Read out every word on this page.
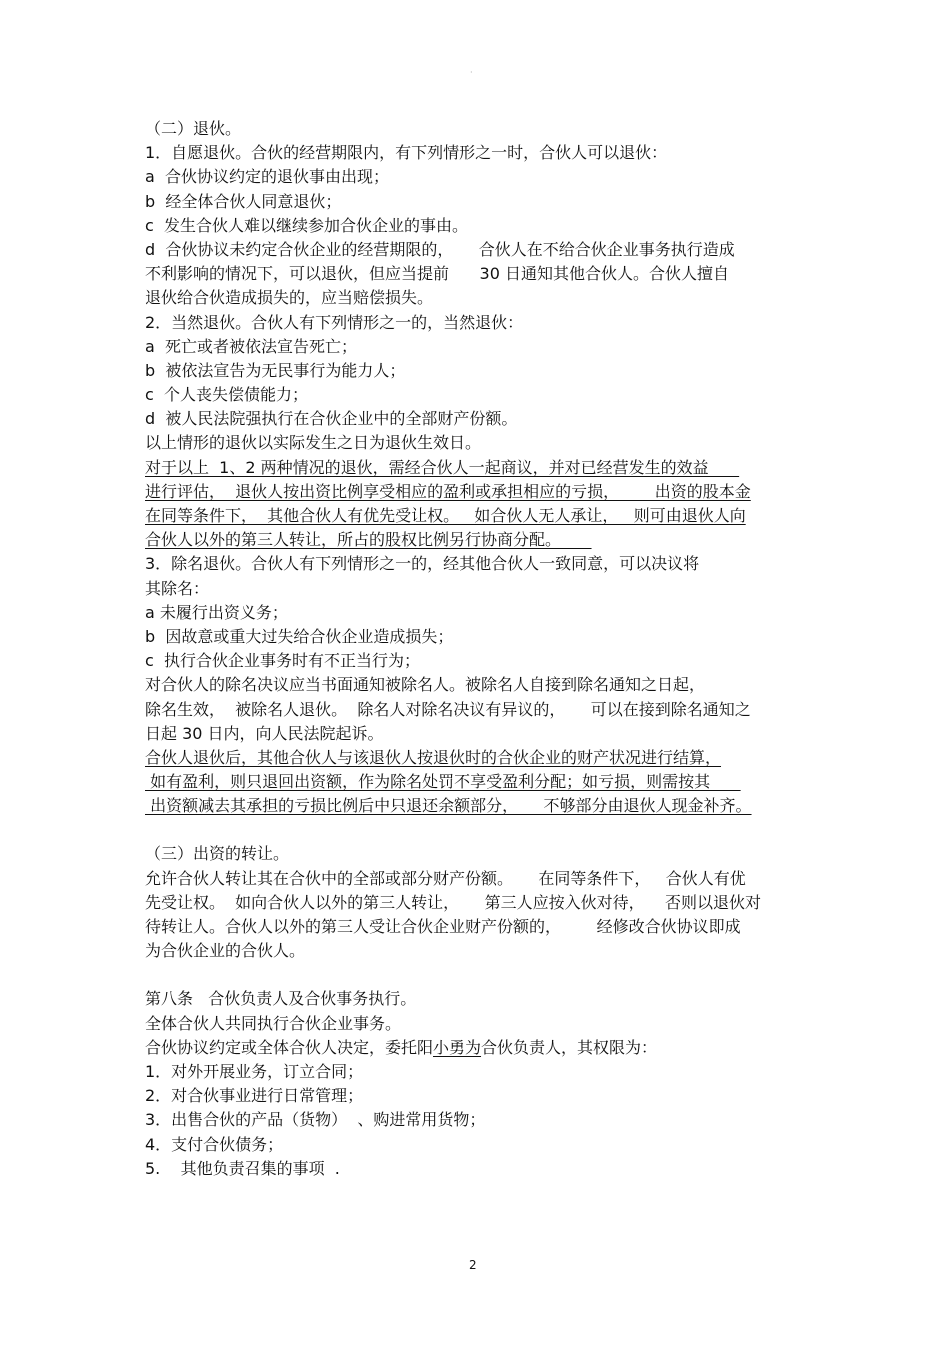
·
（二）退伙。
1．自愿退伙。合伙的经营期限内，有下列情形之一时，合伙人可以退伙：
a  合伙协议约定的退伙事由出现；
b  经全体合伙人同意退伙；
c  发生合伙人难以继续参加合伙企业的事由。
d  合伙协议未约定合伙企业的经营期限的，     合伙人在不给合伙企业事务执行造成
不利影响的情况下，可以退伙，但应当提前      30 日通知其他合伙人。合伙人擅自
退伙给合伙造成损失的，应当赔偿损失。
2．当然退伙。合伙人有下列情形之一的，当然退伙：
a  死亡或者被依法宣告死亡；
b  被依法宣告为无民事行为能力人；
c  个人丧失偿债能力；
d  被人民法院强执行在合伙企业中的全部财产份额。
以上情形的退伙以实际发生之日为退伙生效日。
对于以上  1、2 两种情况的退伙，需经合伙人一起商议，并对已经营发生的效益
进行评估，  退伙人按出资比例享受相应的盈利或承担相应的亏损，       出资的股本金
在同等条件下，  其他合伙人有优先受让权。   如合伙人无人承让，   则可由退伙人向
合伙人以外的第三人转让，所占的股权比例另行协商分配。
3．除名退伙。合伙人有下列情形之一的，经其他合伙人一致同意，可以决议将
其除名：
a 未履行出资义务；
b  因故意或重大过失给合伙企业造成损失；
c  执行合伙企业事务时有不正当行为；
对合伙人的除名决议应当书面通知被除名人。被除名人自接到除名通知之日起，
除名生效，  被除名人退伙。  除名人对除名决议有异议的，     可以在接到除名通知之
日起 30 日内，向人民法院起诉。
合伙人退伙后，其他合伙人与该退伙人按退伙时的合伙企业的财产状况进行结算，
如有盈利，则只退回出资额，作为除名处罚不享受盈利分配；如亏损，则需按其
出资额减去其承担的亏损比例后中只退还余额部分，     不够部分由退伙人现金补齐。
（三）出资的转让。
允许合伙人转让其在合伙中的全部或部分财产份额。     在同等条件下，   合伙人有优
先受让权。  如向合伙人以外的第三人转让，     第三人应按入伙对待，    否则以退伙对
待转让人。合伙人以外的第三人受让合伙企业财产份额的，       经修改合伙协议即成
为合伙企业的合伙人。
第八条   合伙负责人及合伙事务执行。
全体合伙人共同执行合伙企业事务。
合伙协议约定或全体合伙人决定，委托阳小勇为合伙负责人，其权限为：
1．对外开展业务，订立合同；
2．对合伙事业进行日常管理；
3．出售合伙的产品（货物）  、购进常用货物；
4．支付合伙债务；
5.    其他负责召集的事项  .
2
